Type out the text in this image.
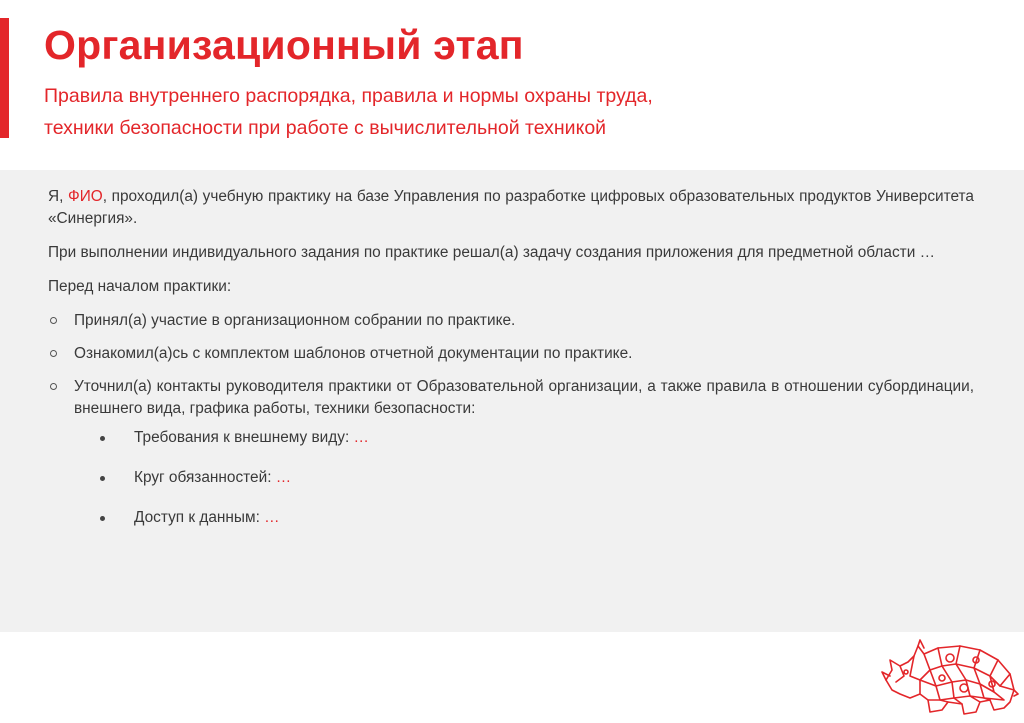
Организационный этап
Правила внутреннего распорядка, правила и нормы охраны труда,
техники безопасности при работе с вычислительной техникой

Я, ФИО, проходил(а) учебную практику на базе Управления по разработке цифровых образовательных продуктов Университета «Синергия».

При выполнении индивидуального задания по практике решал(а) задачу создания приложения для предметной области …

Перед началом практики:

Принял(а) участие в организационном собрании по практике.
Ознакомил(а)сь с комплектом шаблонов отчетной документации по практике.
Уточнил(а) контакты руководителя практики от Образовательной организации, а также правила в отношении субординации, внешнего вида, графика работы, техники безопасности:
Требования к внешнему виду: …
Круг обязанностей: …
Доступ к данным: …
